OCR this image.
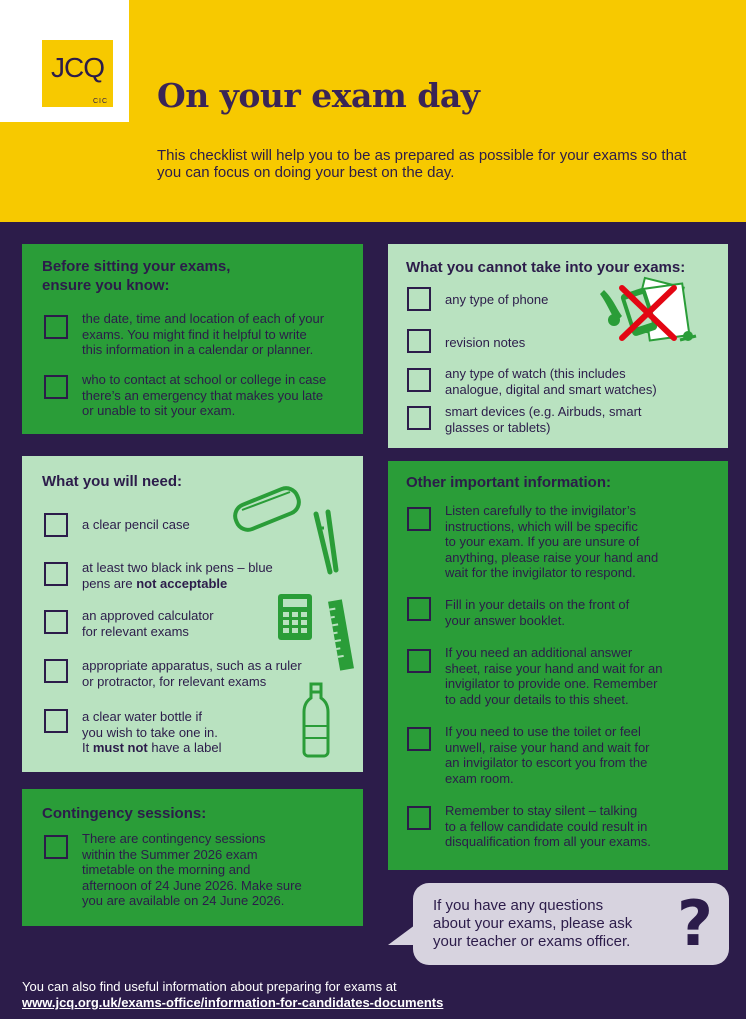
JCQ
CIC On your exam day
This checklist will help you to be as prepared as possible for your exams so that you can focus on doing your best on the day.
Before sitting your exams,
ensure you know:
the date, time and location of each of your
exams. You might find it helpful to write
this information in a calendar or planner.
who to contact at school or college in case
there’s an emergency that makes you late
or unable to sit your exam.
What you cannot take into your exams:
any type of phone
revision notes
any type of watch (this includes
analogue, digital and smart watches)
smart devices (e.g. Airbuds, smart
glasses or tablets)
What you will need:
a clear pencil case
at least two black ink pens – blue
pens are not acceptable
an approved calculator
for relevant exams
appropriate apparatus, such as a ruler
or protractor, for relevant exams
a clear water bottle if
you wish to take one in.
It must not have a label
Other important information:
Listen carefully to the invigilator’s
instructions, which will be specific
to your exam. If you are unsure of
anything, please raise your hand and
wait for the invigilator to respond.
Fill in your details on the front of
your answer booklet.
If you need an additional answer
sheet, raise your hand and wait for an
invigilator to provide one. Remember
to add your details to this sheet.
If you need to use the toilet or feel
unwell, raise your hand and wait for
an invigilator to escort you from the
exam room.
Remember to stay silent – talking
to a fellow candidate could result in
disqualification from all your exams.
Contingency sessions:
There are contingency sessions
within the Summer 2026 exam
timetable on the morning and
afternoon of 24 June 2026. Make sure
you are available on 24 June 2026.	If you have any questions
about your exams, please ask
your teacher or exams officer. ?
You can also find useful information about preparing for exams at
www.jcq.org.uk/exams-office/information-for-candidates-documents
